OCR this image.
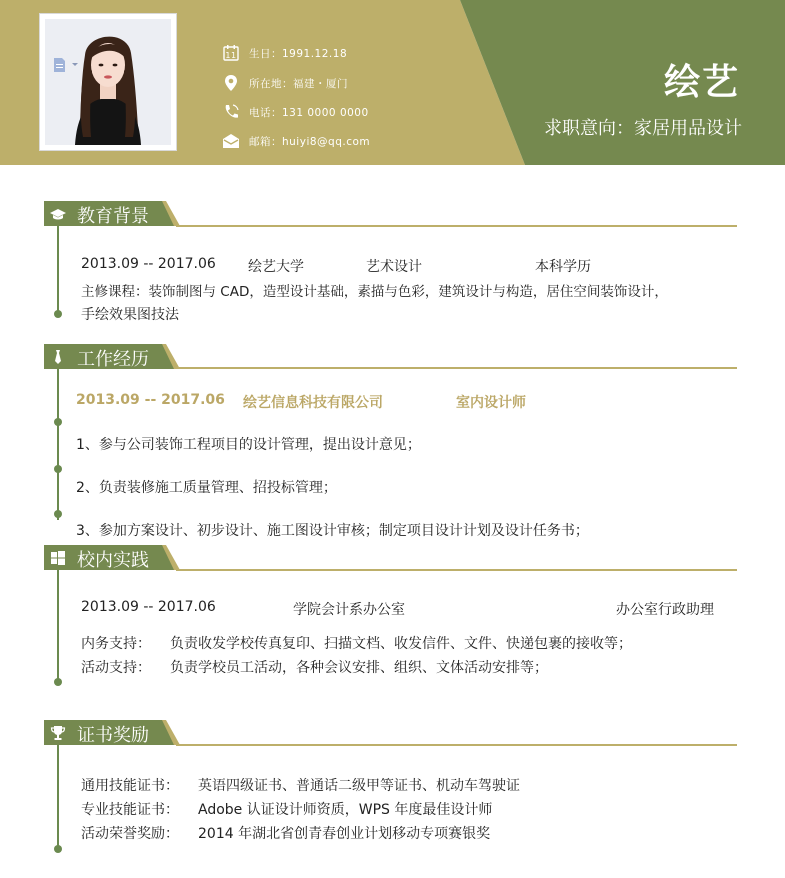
11 生日：1991.12.18
所在地：福建・厦门
电话：131 0000 0000
邮箱：huiyi8@qq.com
绘艺
求职意向：家居用品设计
教育背景
2013.09 -- 2017.06 绘艺大学	艺术设计	本科学历
主修课程：装饰制图与 CAD，造型设计基础，素描与色彩，建筑设计与构造，居住空间装饰设计，
手绘效果图技法
工作经历
2013.09 -- 2017.06 绘艺信息科技有限公司	室内设计师
1、参与公司装饰工程项目的设计管理，提出设计意见；
2、负责装修施工质量管理、招投标管理；
3、参加方案设计、初步设计、施工图设计审核；制定项目设计计划及设计任务书；
校内实践
2013.09 -- 2017.06	学院会计系办公室	办公室行政助理
内务支持： 负责收发学校传真复印、扫描文档、收发信件、文件、快递包裹的接收等；
活动支持： 负责学校员工活动，各种会议安排、组织、文体活动安排等；
证书奖励
通用技能证书： 英语四级证书、普通话二级甲等证书、机动车驾驶证
专业技能证书： Adobe 认证设计师资质，WPS 年度最佳设计师
活动荣誉奖励： 2014 年湖北省创青春创业计划移动专项赛银奖
